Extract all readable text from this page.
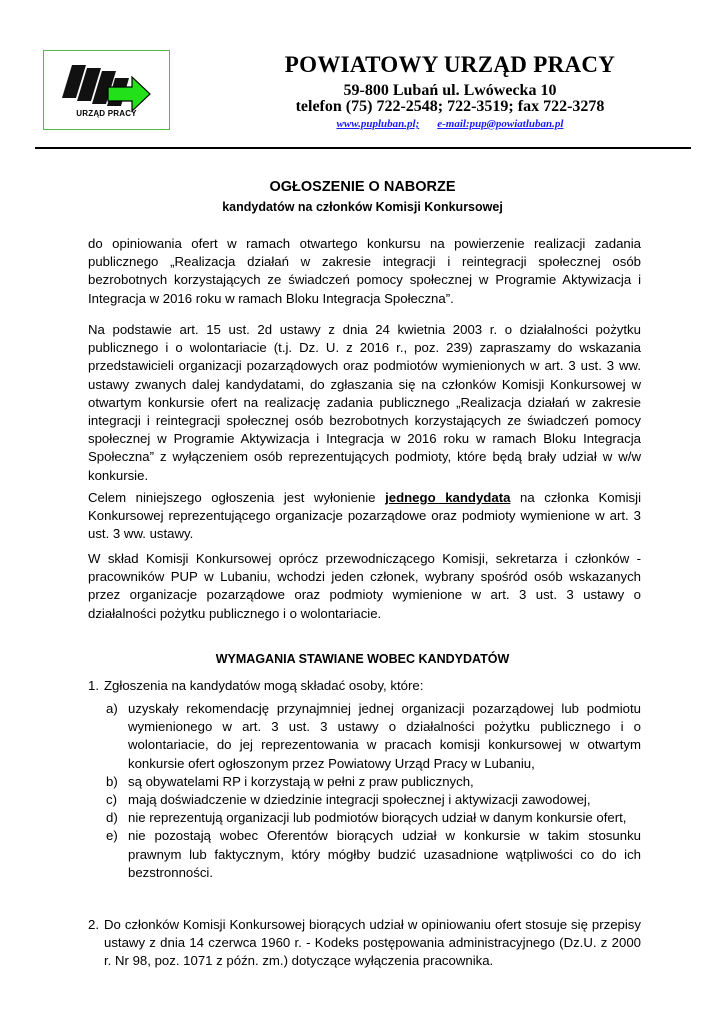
URZĄD PRACY
POWIATOWY URZĄD PRACY
59-800 Lubań ul. Lwówecka 10
telefon (75) 722-2548; 722-3519; fax 722-3278
www.pupluban.pl; e-mail:pup@powiatluban.pl
OGŁOSZENIE O NABORZE
kandydatów na członków Komisji Konkursowej

do opiniowania ofert w ramach otwartego konkursu na powierzenie realizacji zadania publicznego „Realizacja działań w zakresie integracji i reintegracji społecznej osób bezrobotnych korzystających ze świadczeń pomocy społecznej w Programie Aktywizacja i Integracja w 2016 roku w ramach Bloku Integracja Społeczna”.

Na podstawie art. 15 ust. 2d ustawy z dnia 24 kwietnia 2003 r. o działalności pożytku publicznego i o wolontariacie (t.j. Dz. U. z 2016 r., poz. 239) zapraszamy do wskazania przedstawicieli organizacji pozarządowych oraz podmiotów wymienionych w art. 3 ust. 3 ww. ustawy zwanych dalej kandydatami, do zgłaszania się na członków Komisji Konkursowej w otwartym konkursie ofert na realizację zadania publicznego „Realizacja działań w zakresie integracji i reintegracji społecznej osób bezrobotnych korzystających ze świadczeń pomocy społecznej w Programie Aktywizacja i Integracja w 2016 roku w ramach Bloku Integracja Społeczna” z wyłączeniem osób reprezentujących podmioty, które będą brały udział w w/w konkursie.

Celem niniejszego ogłoszenia jest wyłonienie jednego kandydata na członka Komisji Konkursowej reprezentującego organizacje pozarządowe oraz podmioty wymienione w art. 3 ust. 3 ww. ustawy.

W skład Komisji Konkursowej oprócz przewodniczącego Komisji, sekretarza i członków - pracowników PUP w Lubaniu, wchodzi jeden członek, wybrany spośród osób wskazanych przez organizacje pozarządowe oraz podmioty wymienione w art. 3 ust. 3 ustawy o działalności pożytku publicznego i o wolontariacie.

WYMAGANIA STAWIANE WOBEC KANDYDATÓW
1. Zgłoszenia na kandydatów mogą składać osoby, które:
a) uzyskały rekomendację przynajmniej jednej organizacji pozarządowej lub podmiotu wymienionego w art. 3 ust. 3 ustawy o działalności pożytku publicznego i o wolontariacie, do jej reprezentowania w pracach komisji konkursowej w otwartym konkursie ofert ogłoszonym przez Powiatowy Urząd Pracy w Lubaniu,
b) są obywatelami RP i korzystają w pełni z praw publicznych,
c) mają doświadczenie w dziedzinie integracji społecznej i aktywizacji zawodowej,
d) nie reprezentują organizacji lub podmiotów biorących udział w danym konkursie ofert,
e) nie pozostają wobec Oferentów biorących udział w konkursie w takim stosunku prawnym lub faktycznym, który mógłby budzić uzasadnione wątpliwości co do ich bezstronności.
2. Do członków Komisji Konkursowej biorących udział w opiniowaniu ofert stosuje się przepisy ustawy z dnia 14 czerwca 1960 r. - Kodeks postępowania administracyjnego (Dz.U. z 2000 r. Nr 98, poz. 1071 z późn. zm.) dotyczące wyłączenia pracownika.
